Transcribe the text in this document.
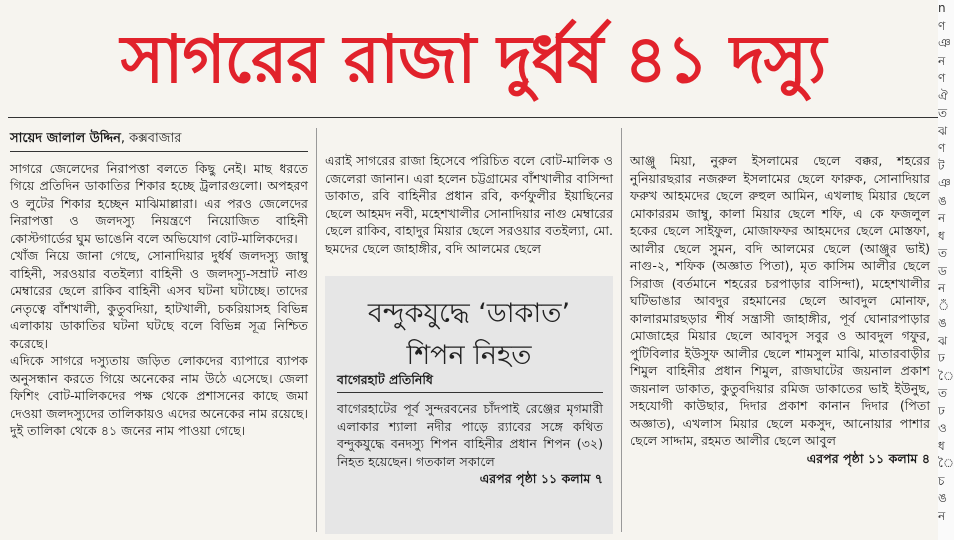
সাগরের রাজা দুর্ধর্ষ ৪১ দস্যু
সায়েদ জালাল উদ্দিন, কক্সবাজার

সাগরে জেলেদের নিরাপত্তা বলতে কিছু নেই। মাছ ধরতে গিয়ে প্রতিদিন ডাকাতির শিকার হচ্ছে ট্রলারগুলো। অপহরণ ও লুটের শিকার হচ্ছেন মাঝিমাল্লারা। এর পরও জেলেদের নিরাপত্তা ও জলদস্যু নিয়ন্ত্রণে নিয়োজিত বাহিনী কোস্টগার্ডের ঘুম ভাঙেনি বলে অভিযোগ বোট-মালিকদের।

খোঁজ নিয়ে জানা গেছে, সোনাদিয়ার দুর্ধর্ষ জলদস্যু জাম্বু বাহিনী, সরওয়ার বতইল্যা বাহিনী ও জলদস্যু-সম্রাট নাগু মেম্বারের ছেলে রাকিব বাহিনী এসব ঘটনা ঘটাচ্ছে। তাদের নেতৃত্বে বাঁশখালী, কুতুবদিয়া, হাটখালী, চকরিয়াসহ বিভিন্ন এলাকায় ডাকাতির ঘটনা ঘটছে বলে বিভিন্ন সূত্র নিশ্চিত করেছে।

এদিকে সাগরে দস্যুতায় জড়িত লোকদের ব্যাপারে ব্যাপক অনুসন্ধান করতে গিয়ে অনেকের নাম উঠে এসেছে। জেলা ফিশিং বোট-মালিকদের পক্ষ থেকে প্রশাসনের কাছে জমা দেওয়া জলদস্যুদের তালিকায়ও এদের অনেকের নাম রয়েছে। দুই তালিকা থেকে ৪১ জনের নাম পাওয়া গেছে।

এরাই সাগরের রাজা হিসেবে পরিচিত বলে বোট-মালিক ও জেলেরা জানান। এরা হলেন চট্টগ্রামের বাঁশখালীর বাসিন্দা ডাকাত, রবি বাহিনীর প্রধান রবি, কর্ণফুলীর ইয়াছিনের ছেলে আহমদ নবী, মহেশখালীর সোনাদিয়ার নাগু মেম্বারের ছেলে রাকিব, বাহাদুর মিয়ার ছেলে সরওয়ার বতইল্যা, মো. ছমদের ছেলে জাহাঙ্গীর, বদি আলমের ছেলে

বন্দুকযুদ্ধে ‘ডাকাত’
শিপন নিহত
বাগেরহাট প্রতিনিধি
বাগেরহাটের পূর্ব সুন্দরবনের চাঁদপাই রেঞ্জের মৃগমারী এলাকার শ্যালা নদীর পাড়ে র‍্যাবের সঙ্গে কথিত বন্দুকযুদ্ধে বনদস্যু শিপন বাহিনীর প্রধান শিপন (৩২) নিহত হয়েছেন। গতকাল সকালে
এরপর পৃষ্ঠা ১১ কলাম ৭
আঞ্জু মিয়া, নুরুল ইসলামের ছেলে বক্কর, শহরের নুনিয়ারছরার নজরুল ইসলামের ছেলে ফারুক, সোনাদিয়ার ফরুখ আহমদের ছেলে রুহুল আমিন, এখলাছ মিয়ার ছেলে মোকাররম জাম্বু, কালা মিয়ার ছেলে শফি, এ কে ফজলুল হকের ছেলে সাইফুল, মোজাফফর আহমদের ছেলে মোস্তফা, আলীর ছেলে সুমন, বদি আলমের ছেলে (আঞ্জুর ভাই) নাগু-২, শফিক (অজ্ঞাত পিতা), মৃত কাসিম আলীর ছেলে সিরাজ (বর্তমানে শহরের চরপাড়ার বাসিন্দা), মহেশখালীর ঘটিভাঙার আবদুর রহমানের ছেলে আবদুল মোনাফ, কালারমারছড়ার শীর্ষ সন্ত্রাসী জাহাঙ্গীর, পূর্ব ঘোনারপাড়ার মোজাহের মিয়ার ছেলে আবদুস সবুর ও আবদুল গফুর, পুটিবিলার ইউসুফ আলীর ছেলে শামসুল মাঝি, মাতারবাড়ীর শিমুল বাহিনীর প্রধান শিমুল, রাজঘাটের জয়নাল প্রকাশ জয়নাল ডাকাত, কুতুবদিয়ার রমিজ ডাকাতের ভাই ইউনুছ, সহযোগী কাউছার, দিদার প্রকাশ কানান দিদার (পিতা অজ্ঞাত), এখলাস মিয়ার ছেলে মকসুদ, আনোয়ার পাশার ছেলে সাদ্দাম, রহমত আলীর ছেলে আবুল
এরপর পৃষ্ঠা ১১ কলাম ৪
n ণ ঞ ন ণ ঐ ত ঝ ণ ট ঞ ঙ ন ধ ত ড ন ঁ ঙ ঝ ঢ ৈ ত ঢ ও ধ ৈ চ ঙ ন
